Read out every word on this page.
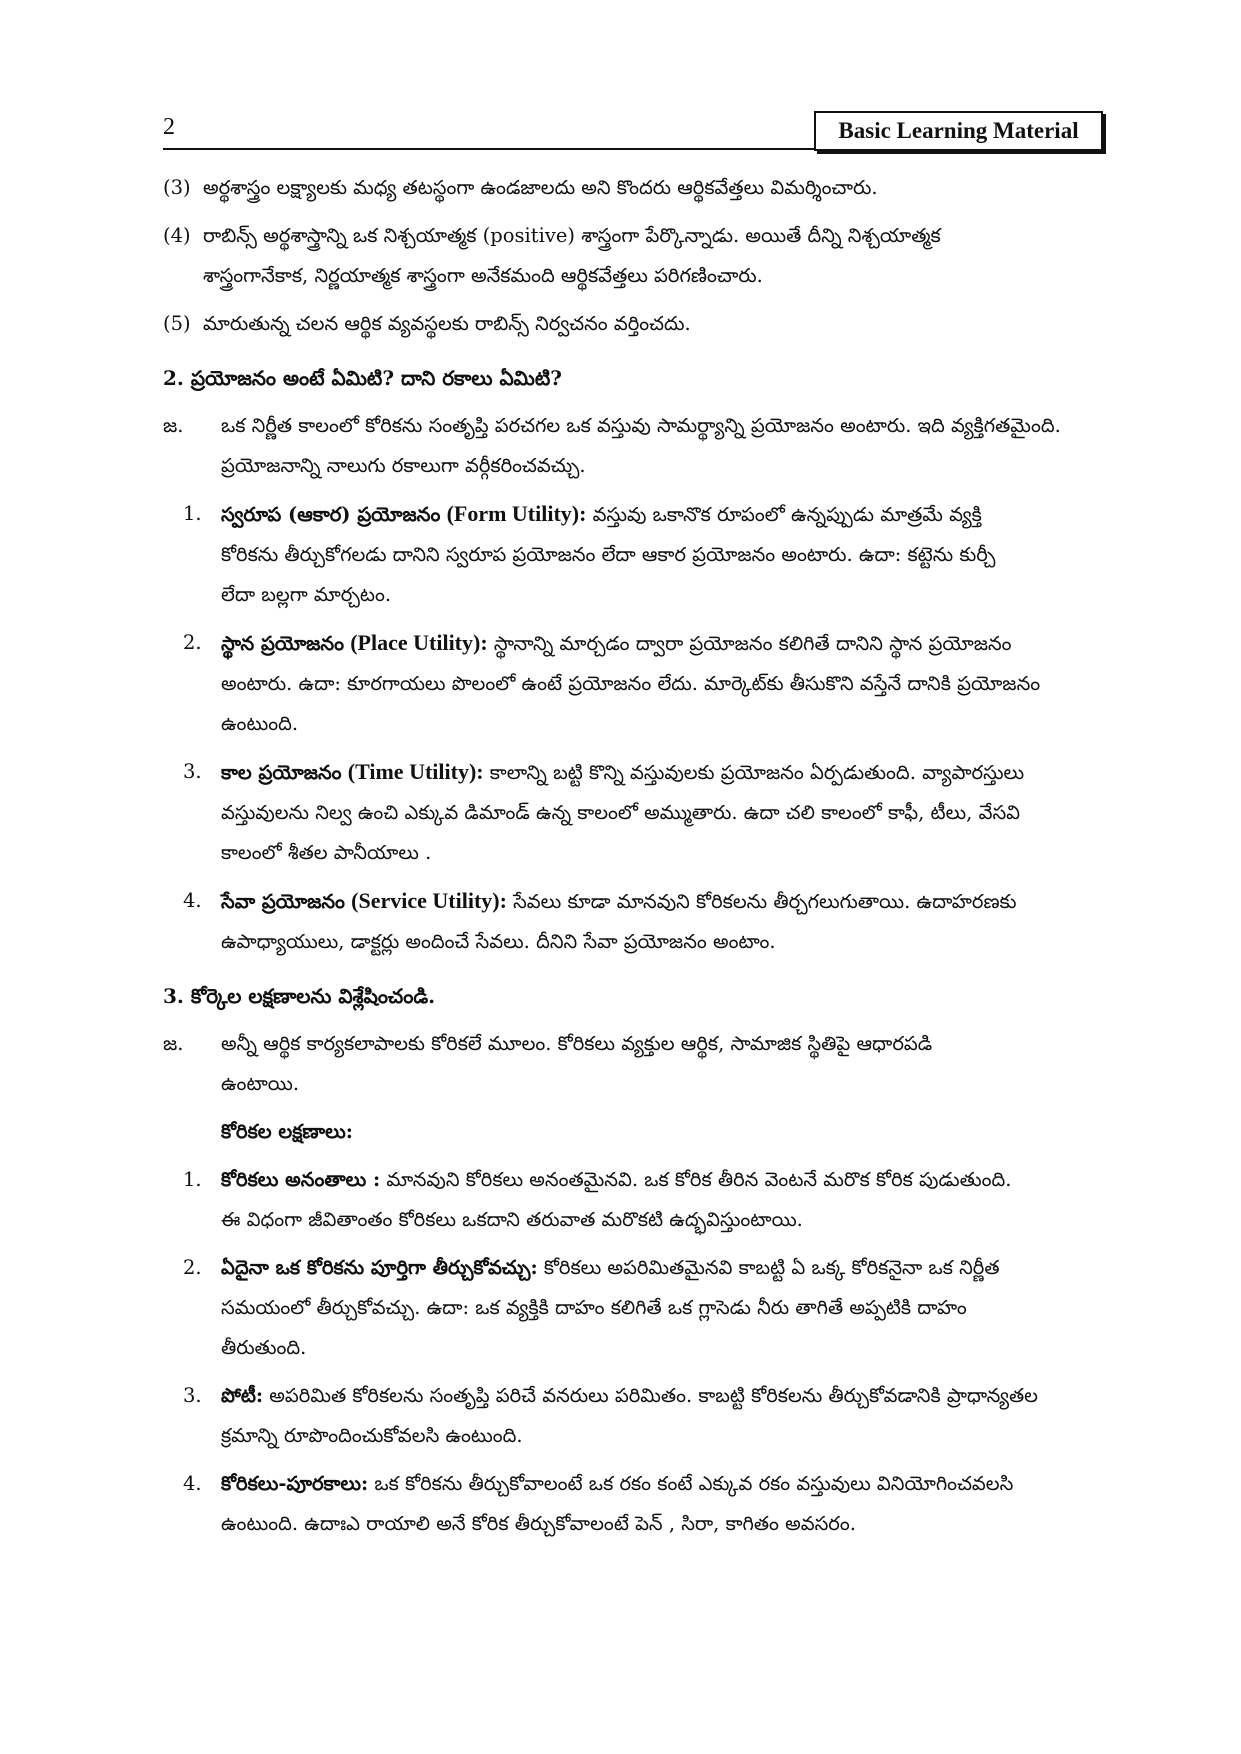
2	Basic Learning Material
(3) అర్థశాస్త్రం లక్ష్యాలకు మధ్య తటస్థంగా ఉండజాలదు అని కొందరు ఆర్థికవేత్తలు విమర్శించారు.
(4) రాబిన్స్ అర్థశాస్త్రాన్ని ఒక నిశ్చయాత్మక (positive) శాస్త్రంగా పేర్కొన్నాడు. అయితే దీన్ని నిశ్చయాత్మక
శాస్త్రంగానేకాక, నిర్ణయాత్మక శాస్త్రంగా అనేకమంది ఆర్థికవేత్తలు పరిగణించారు.
(5) మారుతున్న చలన ఆర్థిక వ్యవస్థలకు రాబిన్స్ నిర్వచనం వర్తించదు.
2. ప్రయోజనం అంటే ఏమిటి? దాని రకాలు ఏమిటి?
జ.	ఒక నిర్ణీత కాలంలో కోరికను సంతృప్తి పరచగల ఒక వస్తువు సామర్థ్యాన్ని ప్రయోజనం అంటారు. ఇది వ్యక్తిగతమైంది.
ప్రయోజనాన్ని నాలుగు రకాలుగా వర్గీకరించవచ్చు.
1. స్వరూప (ఆకార) ప్రయోజనం (Form Utility): వస్తువు ఒకానొక రూపంలో ఉన్నప్పుడు మాత్రమే వ్యక్తి
కోరికను తీర్చుకోగలడు దానిని స్వరూప ప్రయోజనం లేదా ఆకార ప్రయోజనం అంటారు. ఉదా: కట్టెను కుర్చీ
లేదా బల్లగా మార్చటం.
2. స్థాన ప్రయోజనం (Place Utility): స్థానాన్ని మార్చడం ద్వారా ప్రయోజనం కలిగితే దానిని స్థాన ప్రయోజనం
అంటారు. ఉదా: కూరగాయలు పొలంలో ఉంటే ప్రయోజనం లేదు. మార్కెట్‌కు తీసుకొని వస్తేనే దానికి ప్రయోజనం
ఉంటుంది.
3. కాల ప్రయోజనం (Time Utility): కాలాన్ని బట్టి కొన్ని వస్తువులకు ప్రయోజనం ఏర్పడుతుంది. వ్యాపారస్తులు
వస్తువులను నిల్వ ఉంచి ఎక్కువ డిమాండ్ ఉన్న కాలంలో అమ్ముతారు. ఉదా చలి కాలంలో కాఫీ, టీలు, వేసవి
కాలంలో శీతల పానీయాలు .
4. సేవా ప్రయోజనం (Service Utility): సేవలు కూడా మానవుని కోరికలను తీర్చగలుగుతాయి. ఉదాహరణకు
ఉపాధ్యాయులు, డాక్టర్లు అందించే సేవలు. దీనిని సేవా ప్రయోజనం అంటాం.
3. కోర్కెల లక్షణాలను విశ్లేషించండి.
జ.	అన్నీ ఆర్థిక కార్యకలాపాలకు కోరికలే మూలం. కోరికలు వ్యక్తుల ఆర్థిక, సామాజిక స్థితిపై ఆధారపడి
ఉంటాయి.
కోరికల లక్షణాలు:
1. కోరికలు అనంతాలు : మానవుని కోరికలు అనంతమైనవి. ఒక కోరిక తీరిన వెంటనే మరొక కోరిక పుడుతుంది.
ఈ విధంగా జీవితాంతం కోరికలు ఒకదాని తరువాత మరొకటి ఉద్భవిస్తుంటాయి.
2. ఏదైనా ఒక కోరికను పూర్తిగా తీర్చుకోవచ్చు: కోరికలు అపరిమితమైనవి కాబట్టి ఏ ఒక్క కోరికనైనా ఒక నిర్ణీత
సమయంలో తీర్చుకోవచ్చు. ఉదా: ఒక వ్యక్తికి దాహం కలిగితే ఒక గ్లాసెడు నీరు తాగితే అప్పటికి దాహం
తీరుతుంది.
3. పోటీ: అపరిమిత కోరికలను సంతృప్తి పరిచే వనరులు పరిమితం. కాబట్టి కోరికలను తీర్చుకోవడానికి ప్రాధాన్యతల
క్రమాన్ని రూపొందించుకోవలసి ఉంటుంది.
4. కోరికలు-పూరకాలు: ఒక కోరికను తీర్చుకోవాలంటే ఒక రకం కంటే ఎక్కువ రకం వస్తువులు వినియోగించవలసి
ఉంటుంది. ఉదాఃఎ రాయాలి అనే కోరిక తీర్చుకోవాలంటే పెన్ , సిరా, కాగితం అవసరం.
